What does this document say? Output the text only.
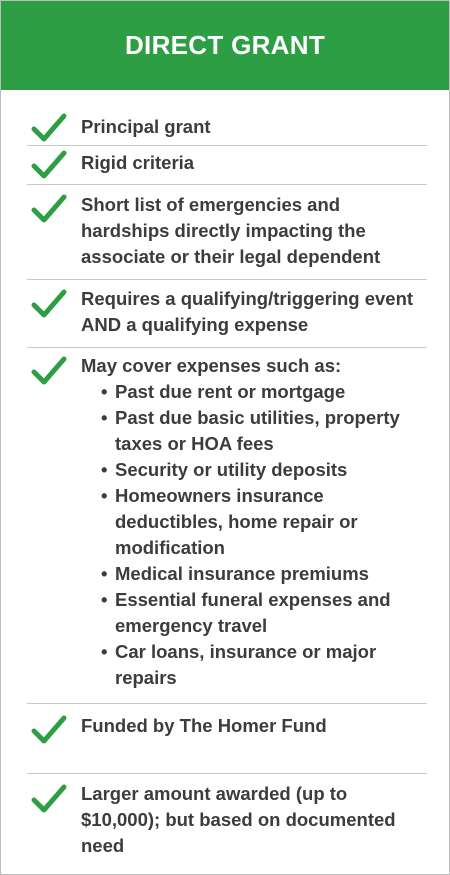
DIRECT GRANT
Principal grant
Rigid criteria
Short list of emergencies and hardships directly impacting the associate or their legal dependent
Requires a qualifying/triggering event AND a qualifying expense
May cover expenses such as:
• Past due rent or mortgage
• Past due basic utilities, property taxes or HOA fees
• Security or utility deposits
• Homeowners insurance deductibles, home repair or modification
• Medical insurance premiums
• Essential funeral expenses and emergency travel
• Car loans, insurance or major repairs
Funded by The Homer Fund
Larger amount awarded (up to $10,000); but based on documented need
